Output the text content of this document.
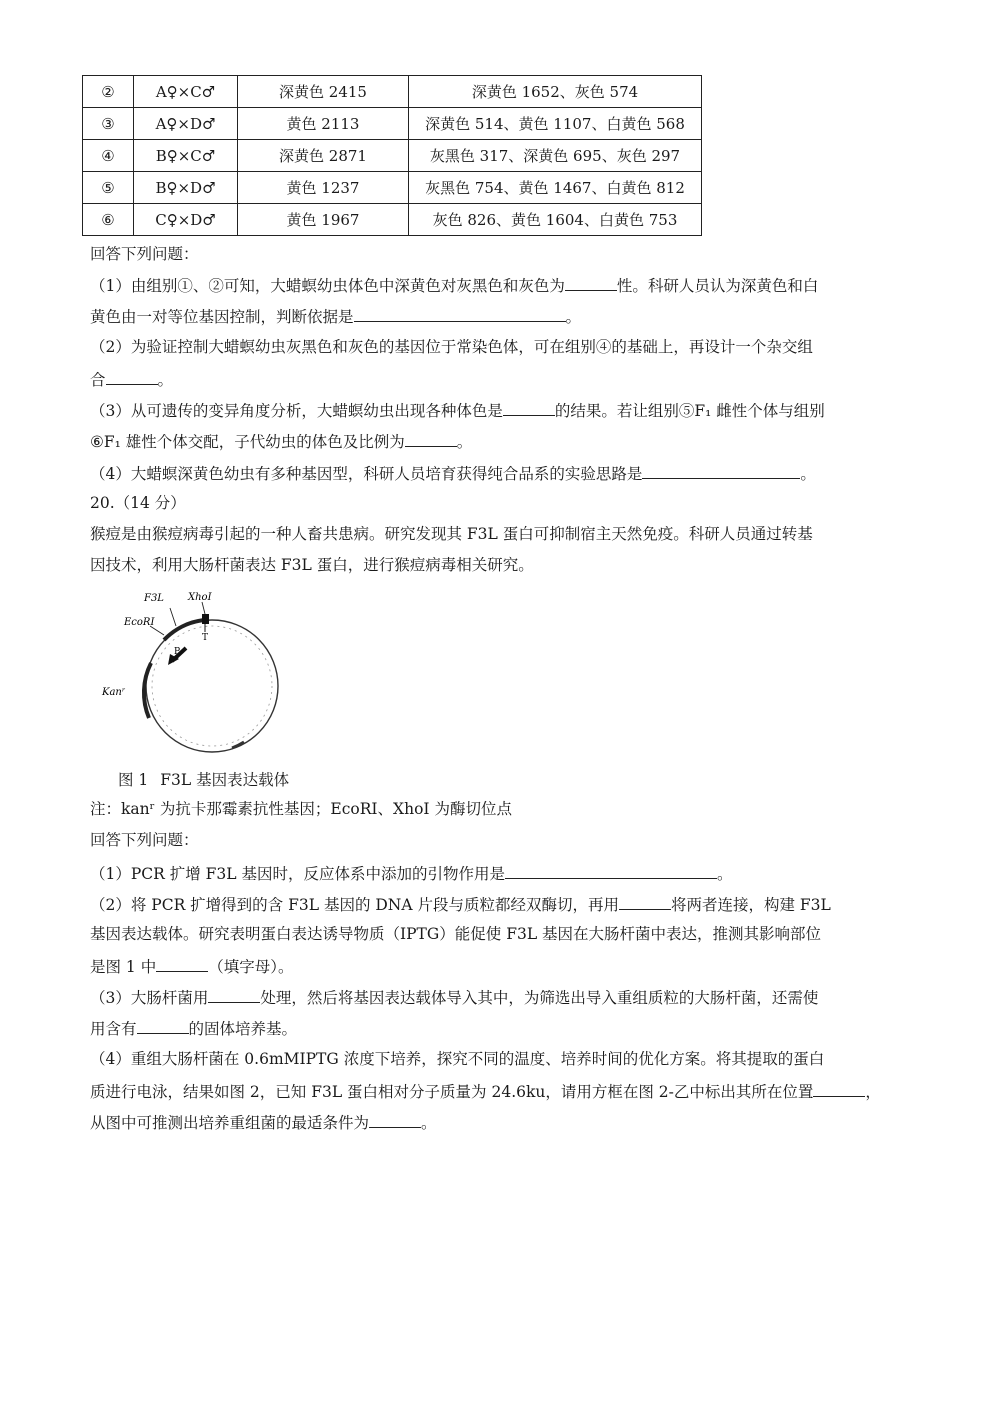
②	A♀×C♂	深黄色 2415	深黄色 1652、灰色 574
③	A♀×D♂	黄色 2113	深黄色 514、黄色 1107、白黄色 568
④	B♀×C♂	深黄色 2871	灰黑色 317、深黄色 695、灰色 297
⑤	B♀×D♂	黄色 1237	灰黑色 754、黄色 1467、白黄色 812
⑥	C♀×D♂	黄色 1967	灰色 826、黄色 1604、白黄色 753
回答下列问题：
（1）由组别①、②可知，大蜡螟幼虫体色中深黄色对灰黑色和灰色为	性。科研人员认为深黄色和白
黄色由一对等位基因控制，判断依据是	。
（2）为验证控制大蜡螟幼虫灰黑色和灰色的基因位于常染色体，可在组别④的基础上，再设计一个杂交组
合	。
（3）从可遗传的变异角度分析，大蜡螟幼虫出现各种体色是	的结果。若让组别⑤F₁ 雌性个体与组别
⑥F₁ 雄性个体交配，子代幼虫的体色及比例为	。
（4）大蜡螟深黄色幼虫有多种基因型，科研人员培育获得纯合品系的实验思路是	。
20.（14 分）
猴痘是由猴痘病毒引起的一种人畜共患病。研究发现其 F3L 蛋白可抑制宿主天然免疫。科研人员通过转基
因技术，利用大肠杆菌表达 F3L 蛋白，进行猴痘病毒相关研究。
F3L XhoI
EcoRI
Kanʳ
P
T
图 1 F3L 基因表达载体
注：kanʳ 为抗卡那霉素抗性基因；EcoRI、XhoI 为酶切位点
回答下列问题：
（1）PCR 扩增 F3L 基因时，反应体系中添加的引物作用是	。
（2）将 PCR 扩增得到的含 F3L 基因的 DNA 片段与质粒都经双酶切，再用	将两者连接，构建 F3L
基因表达载体。研究表明蛋白表达诱导物质（IPTG）能促使 F3L 基因在大肠杆菌中表达，推测其影响部位
是图 1 中	（填字母）。
（3）大肠杆菌用	处理，然后将基因表达载体导入其中，为筛选出导入重组质粒的大肠杆菌，还需使
用含有	的固体培养基。
（4）重组大肠杆菌在 0.6mMIPTG 浓度下培养，探究不同的温度、培养时间的优化方案。将其提取的蛋白
质进行电泳，结果如图 2，已知 F3L 蛋白相对分子质量为 24.6ku，请用方框在图 2-乙中标出其所在位置	，
从图中可推测出培养重组菌的最适条件为	。
